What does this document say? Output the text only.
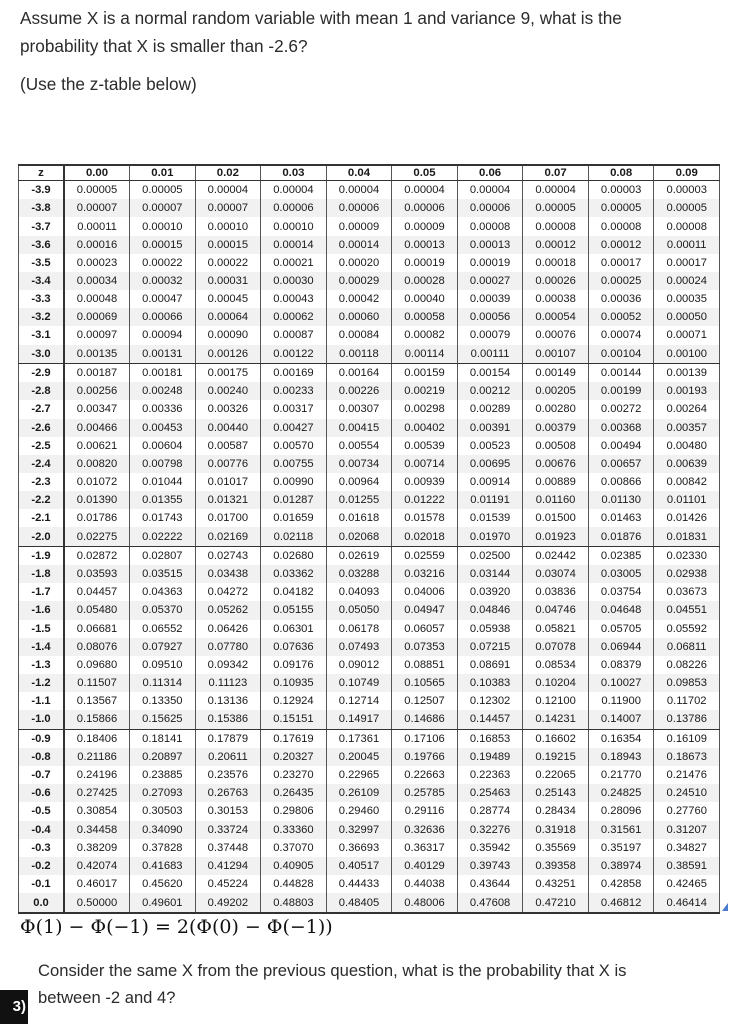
Assume X is a normal random variable with mean 1 and variance 9, what is the
probability that X is smaller than -2.6?
(Use the z-table below)
z	0.00	0.01	0.02	0.03	0.04	0.05	0.06	0.07	0.08	0.09
-3.9	0.00005	0.00005	0.00004	0.00004	0.00004	0.00004	0.00004	0.00004	0.00003	0.00003
-3.8	0.00007	0.00007	0.00007	0.00006	0.00006	0.00006	0.00006	0.00005	0.00005	0.00005
-3.7	0.00011	0.00010	0.00010	0.00010	0.00009	0.00009	0.00008	0.00008	0.00008	0.00008
-3.6	0.00016	0.00015	0.00015	0.00014	0.00014	0.00013	0.00013	0.00012	0.00012	0.00011
-3.5	0.00023	0.00022	0.00022	0.00021	0.00020	0.00019	0.00019	0.00018	0.00017	0.00017
-3.4	0.00034	0.00032	0.00031	0.00030	0.00029	0.00028	0.00027	0.00026	0.00025	0.00024
-3.3	0.00048	0.00047	0.00045	0.00043	0.00042	0.00040	0.00039	0.00038	0.00036	0.00035
-3.2	0.00069	0.00066	0.00064	0.00062	0.00060	0.00058	0.00056	0.00054	0.00052	0.00050
-3.1	0.00097	0.00094	0.00090	0.00087	0.00084	0.00082	0.00079	0.00076	0.00074	0.00071
-3.0	0.00135	0.00131	0.00126	0.00122	0.00118	0.00114	0.00111	0.00107	0.00104	0.00100
-2.9	0.00187	0.00181	0.00175	0.00169	0.00164	0.00159	0.00154	0.00149	0.00144	0.00139
-2.8	0.00256	0.00248	0.00240	0.00233	0.00226	0.00219	0.00212	0.00205	0.00199	0.00193
-2.7	0.00347	0.00336	0.00326	0.00317	0.00307	0.00298	0.00289	0.00280	0.00272	0.00264
-2.6	0.00466	0.00453	0.00440	0.00427	0.00415	0.00402	0.00391	0.00379	0.00368	0.00357
-2.5	0.00621	0.00604	0.00587	0.00570	0.00554	0.00539	0.00523	0.00508	0.00494	0.00480
-2.4	0.00820	0.00798	0.00776	0.00755	0.00734	0.00714	0.00695	0.00676	0.00657	0.00639
-2.3	0.01072	0.01044	0.01017	0.00990	0.00964	0.00939	0.00914	0.00889	0.00866	0.00842
-2.2	0.01390	0.01355	0.01321	0.01287	0.01255	0.01222	0.01191	0.01160	0.01130	0.01101
-2.1	0.01786	0.01743	0.01700	0.01659	0.01618	0.01578	0.01539	0.01500	0.01463	0.01426
-2.0	0.02275	0.02222	0.02169	0.02118	0.02068	0.02018	0.01970	0.01923	0.01876	0.01831
-1.9	0.02872	0.02807	0.02743	0.02680	0.02619	0.02559	0.02500	0.02442	0.02385	0.02330
-1.8	0.03593	0.03515	0.03438	0.03362	0.03288	0.03216	0.03144	0.03074	0.03005	0.02938
-1.7	0.04457	0.04363	0.04272	0.04182	0.04093	0.04006	0.03920	0.03836	0.03754	0.03673
-1.6	0.05480	0.05370	0.05262	0.05155	0.05050	0.04947	0.04846	0.04746	0.04648	0.04551
-1.5	0.06681	0.06552	0.06426	0.06301	0.06178	0.06057	0.05938	0.05821	0.05705	0.05592
-1.4	0.08076	0.07927	0.07780	0.07636	0.07493	0.07353	0.07215	0.07078	0.06944	0.06811
-1.3	0.09680	0.09510	0.09342	0.09176	0.09012	0.08851	0.08691	0.08534	0.08379	0.08226
-1.2	0.11507	0.11314	0.11123	0.10935	0.10749	0.10565	0.10383	0.10204	0.10027	0.09853
-1.1	0.13567	0.13350	0.13136	0.12924	0.12714	0.12507	0.12302	0.12100	0.11900	0.11702
-1.0	0.15866	0.15625	0.15386	0.15151	0.14917	0.14686	0.14457	0.14231	0.14007	0.13786
-0.9	0.18406	0.18141	0.17879	0.17619	0.17361	0.17106	0.16853	0.16602	0.16354	0.16109
-0.8	0.21186	0.20897	0.20611	0.20327	0.20045	0.19766	0.19489	0.19215	0.18943	0.18673
-0.7	0.24196	0.23885	0.23576	0.23270	0.22965	0.22663	0.22363	0.22065	0.21770	0.21476
-0.6	0.27425	0.27093	0.26763	0.26435	0.26109	0.25785	0.25463	0.25143	0.24825	0.24510
-0.5	0.30854	0.30503	0.30153	0.29806	0.29460	0.29116	0.28774	0.28434	0.28096	0.27760
-0.4	0.34458	0.34090	0.33724	0.33360	0.32997	0.32636	0.32276	0.31918	0.31561	0.31207
-0.3	0.38209	0.37828	0.37448	0.37070	0.36693	0.36317	0.35942	0.35569	0.35197	0.34827
-0.2	0.42074	0.41683	0.41294	0.40905	0.40517	0.40129	0.39743	0.39358	0.38974	0.38591
-0.1	0.46017	0.45620	0.45224	0.44828	0.44433	0.44038	0.43644	0.43251	0.42858	0.42465
0.0	0.50000	0.49601	0.49202	0.48803	0.48405	0.48006	0.47608	0.47210	0.46812	0.46414
Φ(1) − Φ(−1) = 2(Φ(0) − Φ(−1))
3)
Consider the same X from the previous question, what is the probability that X is
between -2 and 4?
